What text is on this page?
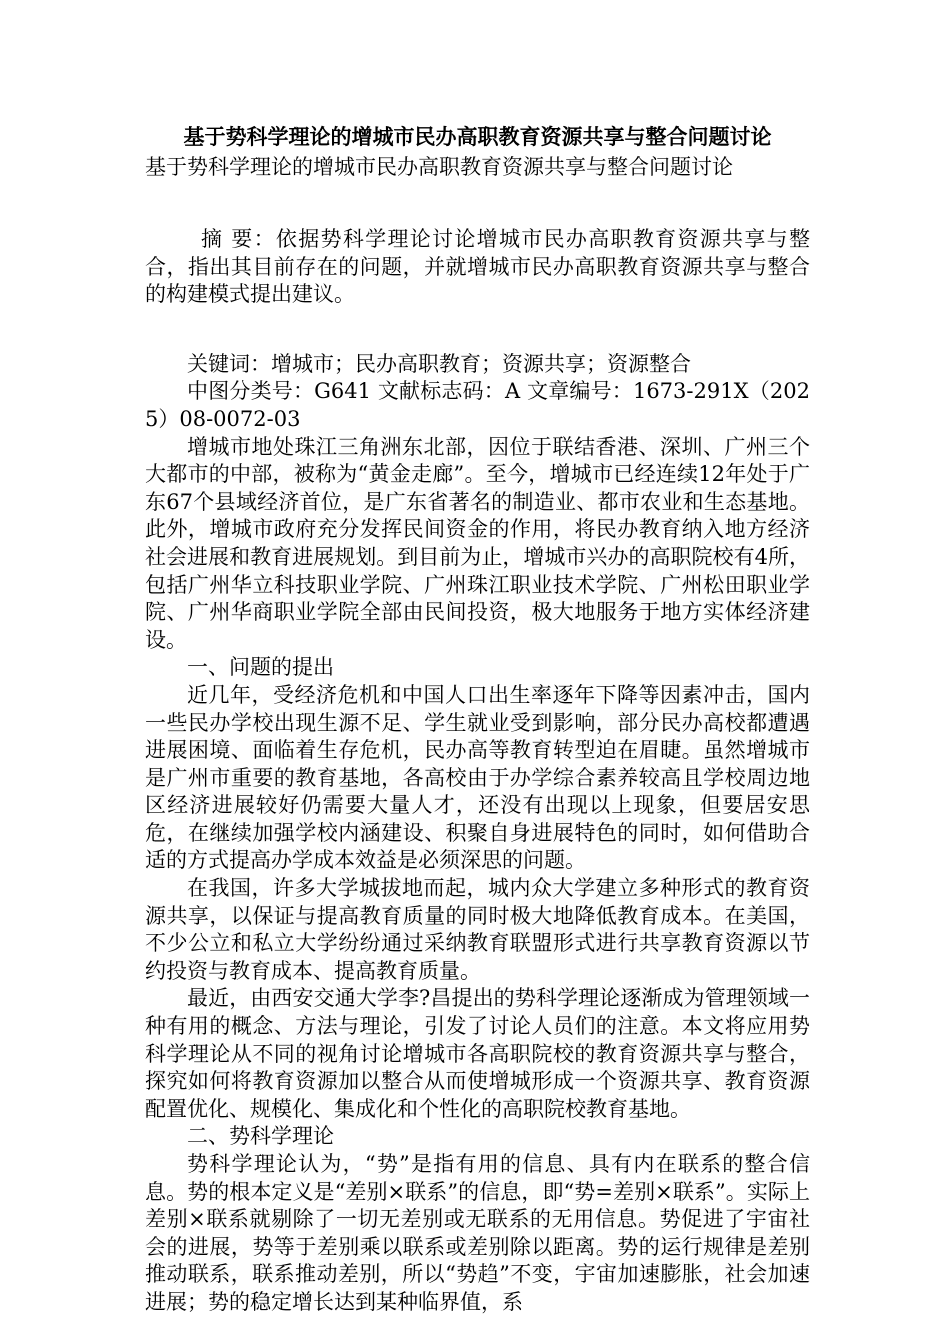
基于势科学理论的增城市民办高职教育资源共享与整合问题讨论
基于势科学理论的增城市民办高职教育资源共享与整合问题讨论

摘 要：依据势科学理论讨论增城市民办高职教育资源共享与整合，指出其目前存在的问题，并就增城市民办高职教育资源共享与整合的构建模式提出建议。

关键词：增城市；民办高职教育；资源共享；资源整合

中图分类号：G641 文献标志码：A 文章编号：1673-291X（2025）08-0072-03

增城市地处珠江三角洲东北部，因位于联结香港、深圳、广州三个大都市的中部，被称为“黄金走廊”。至今，增城市已经连续12年处于广东67个县域经济首位，是广东省著名的制造业、都市农业和生态基地。此外，增城市政府充分发挥民间资金的作用，将民办教育纳入地方经济社会进展和教育进展规划。到目前为止，增城市兴办的高职院校有4所，包括广州华立科技职业学院、广州珠江职业技术学院、广州松田职业学院、广州华商职业学院全部由民间投资，极大地服务于地方实体经济建设。

一、问题的提出

近几年，受经济危机和中国人口出生率逐年下降等因素冲击，国内一些民办学校出现生源不足、学生就业受到影响，部分民办高校都遭遇进展困境、面临着生存危机，民办高等教育转型迫在眉睫。虽然增城市是广州市重要的教育基地，各高校由于办学综合素养较高且学校周边地区经济进展较好仍需要大量人才，还没有出现以上现象，但要居安思危，在继续加强学校内涵建设、积聚自身进展特色的同时，如何借助合适的方式提高办学成本效益是必须深思的问题。

在我国，许多大学城拔地而起，城内众大学建立多种形式的教育资源共享，以保证与提高教育质量的同时极大地降低教育成本。在美国，不少公立和私立大学纷纷通过采纳教育联盟形式进行共享教育资源以节约投资与教育成本、提高教育质量。

最近，由西安交通大学李?昌提出的势科学理论逐渐成为管理领域一种有用的概念、方法与理论，引发了讨论人员们的注意。本文将应用势科学理论从不同的视角讨论增城市各高职院校的教育资源共享与整合，探究如何将教育资源加以整合从而使增城形成一个资源共享、教育资源配置优化、规模化、集成化和个性化的高职院校教育基地。

二、势科学理论

势科学理论认为，“势”是指有用的信息、具有内在联系的整合信息。势的根本定义是“差别×联系”的信息，即“势=差别×联系”。实际上差别×联系就剔除了一切无差别或无联系的无用信息。势促进了宇宙社会的进展，势等于差别乘以联系或差别除以距离。势的运行规律是差别推动联系，联系推动差别，所以“势趋”不变，宇宙加速膨胀，社会加速进展；势的稳定增长达到某种临界值，系
